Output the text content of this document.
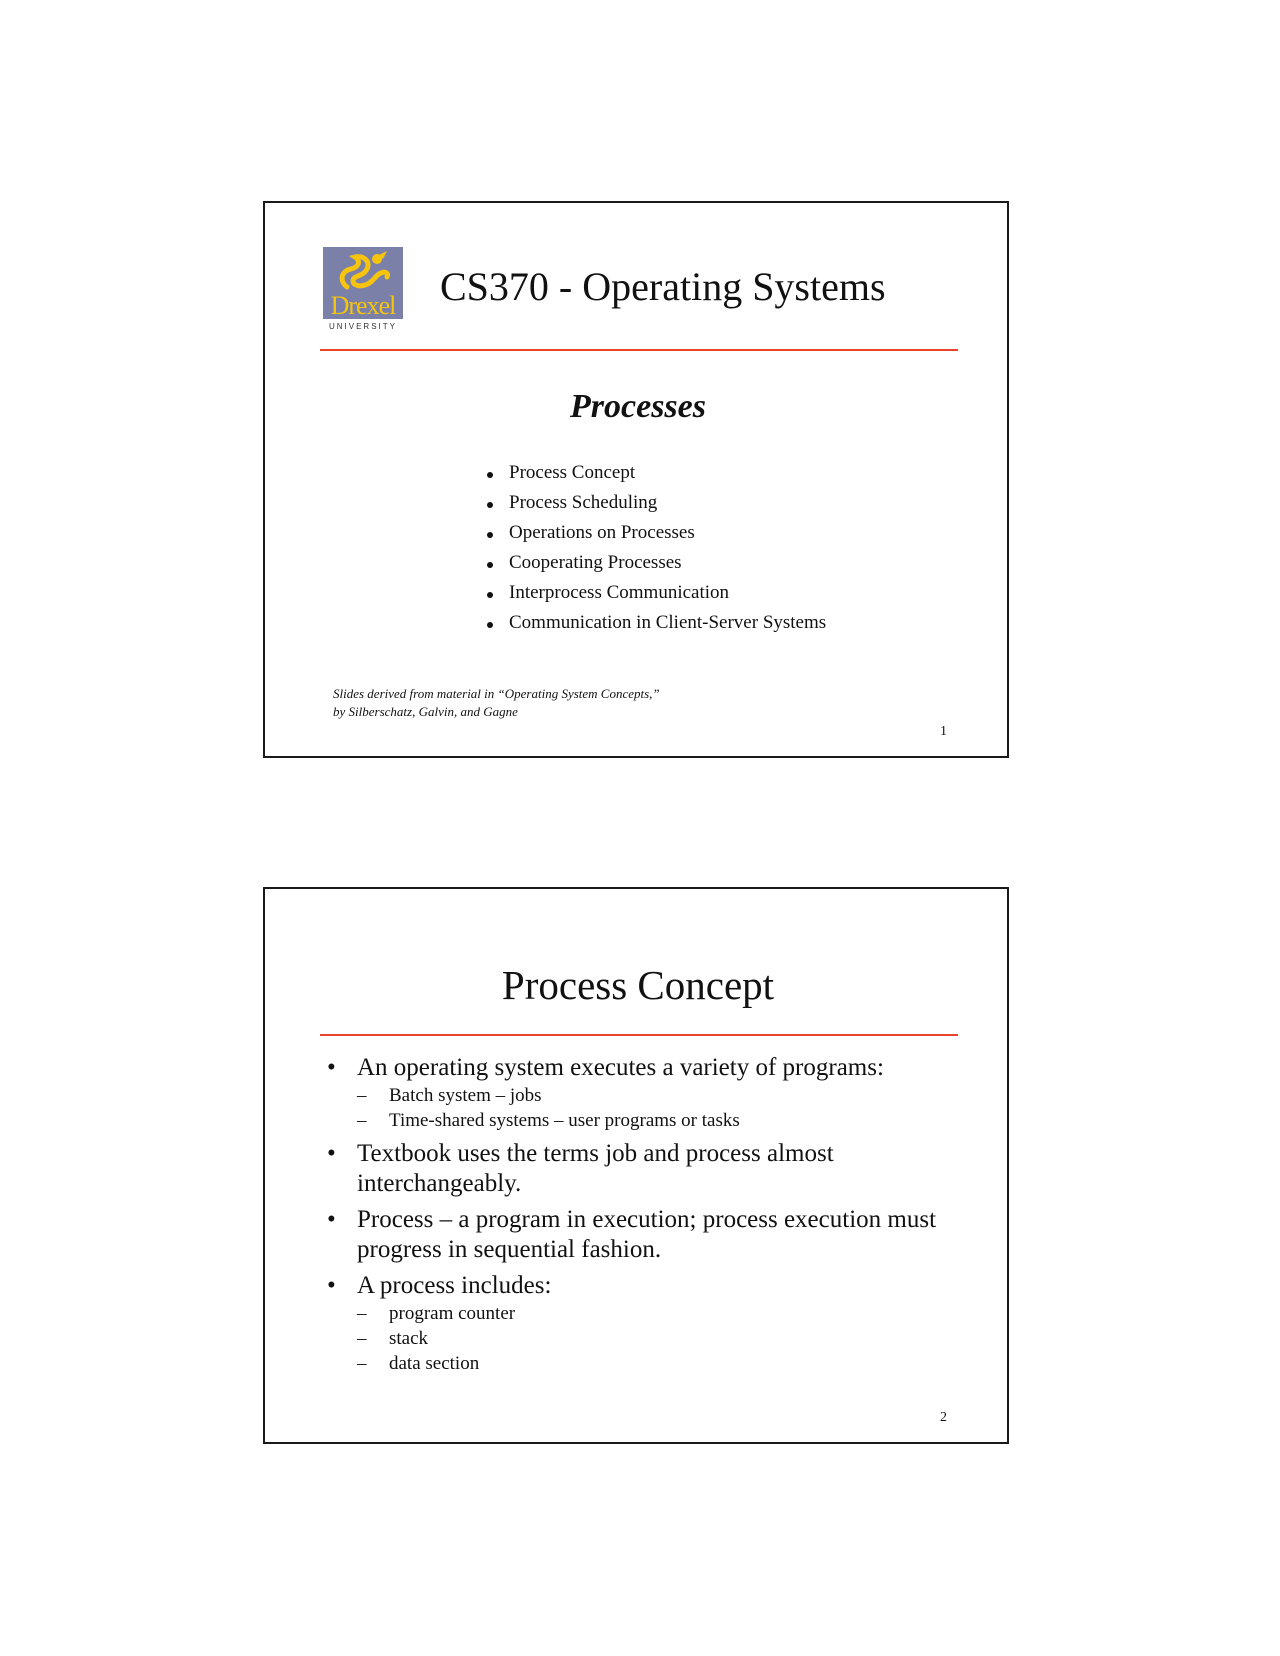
Drexel
UNIVERSITY
CS370 - Operating Systems
Processes
Process Concept
Process Scheduling
Operations on Processes
Cooperating Processes
Interprocess Communication
Communication in Client-Server Systems
Slides derived from material in “Operating System Concepts,”
by Silberschatz, Galvin, and Gagne
1
Process Concept
• An operating system executes a variety of programs:
– Batch system – jobs
– Time-shared systems – user programs or tasks
• Textbook uses the terms job and process almost interchangeably.
• Process – a program in execution; process execution must progress in sequential fashion.
• A process includes:
– program counter
– stack
– data section
2
